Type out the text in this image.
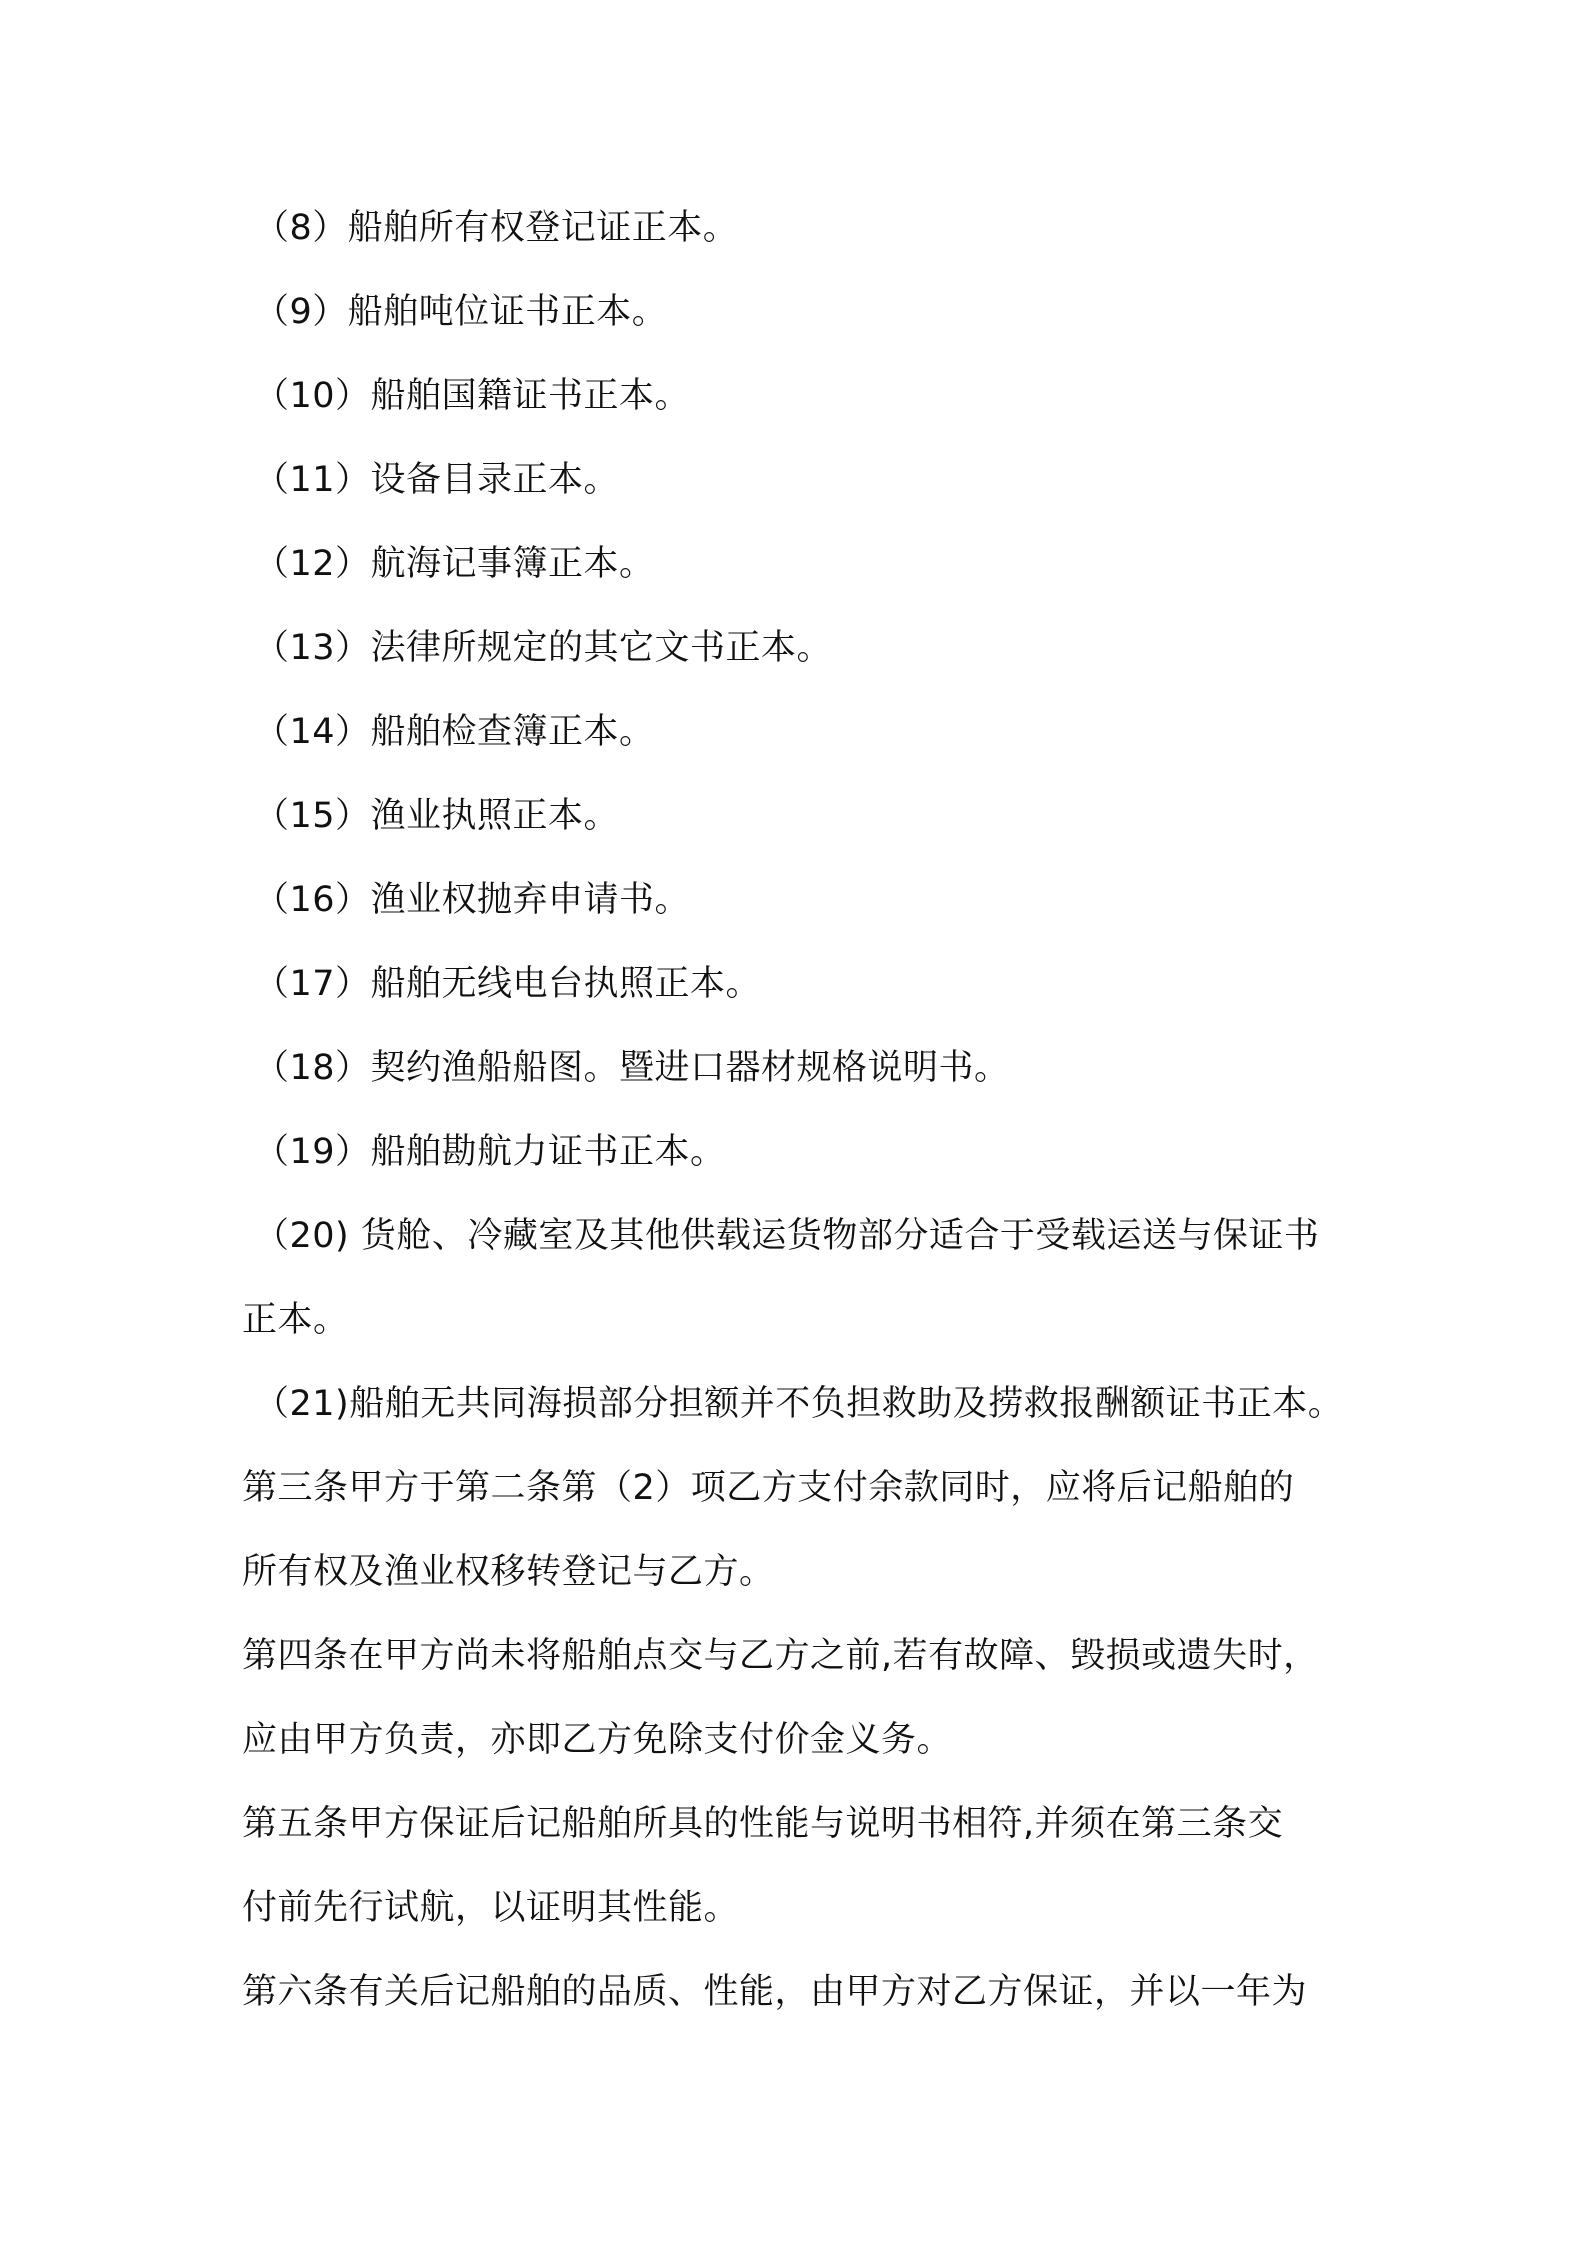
（8）船舶所有权登记证正本。
（9）船舶吨位证书正本。
（10）船舶国籍证书正本。
（11）设备目录正本。
（12）航海记事簿正本。
（13）法律所规定的其它文书正本。
（14）船舶检查簿正本。
（15）渔业执照正本。
（16）渔业权抛弃申请书。
（17）船舶无线电台执照正本。
（18）契约渔船船图。暨进口器材规格说明书。
（19）船舶勘航力证书正本。
（20) 货舱、冷藏室及其他供载运货物部分适合于受载运送与保证书
正本。
（21)船舶无共同海损部分担额并不负担救助及捞救报酬额证书正本。
第三条甲方于第二条第（2）项乙方支付余款同时，应将后记船舶的
所有权及渔业权移转登记与乙方。
第四条在甲方尚未将船舶点交与乙方之前,若有故障、毁损或遗失时，
应由甲方负责，亦即乙方免除支付价金义务。
第五条甲方保证后记船舶所具的性能与说明书相符,并须在第三条交
付前先行试航，以证明其性能。
第六条有关后记船舶的品质、性能，由甲方对乙方保证，并以一年为
